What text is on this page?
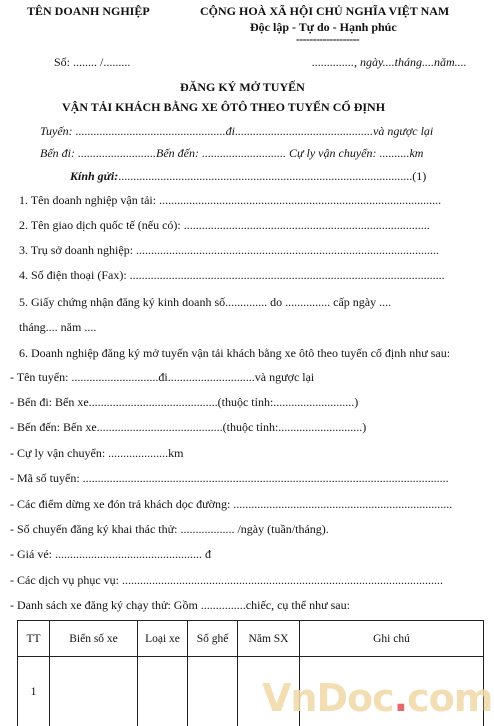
TÊN DOANH NGHIỆP	CỘNG HOÀ XÃ HỘI CHỦ NGHĨA VIỆT NAM
Độc lập - Tự do - Hạnh phúc
-------------------
Số: ........ /.........	.............., ngày....tháng....năm....
ĐĂNG KÝ MỞ TUYẾN
VẬN TẢI KHÁCH BẰNG XE ÔTÔ THEO TUYẾN CỐ ĐỊNH
Tuyến: ..................................................đi..............................................và ngược lại
Bến đi: ..........................Bến đến: ............................ Cự ly vận chuyển: ..........km
Kính gửi:..................................................................................................(1)
1. Tên doanh nghiệp vận tải: ..............................................................................................
2. Tên giao dịch quốc tế (nếu có): ..................................................................................
3. Trụ sở doanh nghiệp: .....................................................................................................
4. Số điện thoại (Fax): .........................................................................................................
5. Giấy chứng nhận đăng ký kinh doanh số.............. do ............... cấp ngày ....
tháng.... năm ....
6. Doanh nghiệp đăng ký mở tuyến vận tải khách bằng xe ôtô theo tuyến cố định như sau:
- Tên tuyến: .............................đi.............................và ngược lại
- Bến đi: Bến xe...........................................(thuộc tỉnh:...........................)
- Bến đến: Bến xe..........................................(thuộc tỉnh:............................)
- Cự ly vận chuyển: ....................km
- Mã số tuyến: ..........................................................................................................................
- Các điểm dừng xe đón trả khách dọc đường: .........................................................................
- Số chuyến đăng ký khai thác thử: .................. /ngày (tuần/tháng).
- Giá vé: ................................................. đ
- Các dịch vụ phục vụ: ...........................................................................................................
- Danh sách xe đăng ký chạy thử: Gồm ...............chiếc, cụ thể như sau:
TT	Biển số xe	Loại xe	Số ghế	Năm SX	Ghi chú
1						VnDoc.com
